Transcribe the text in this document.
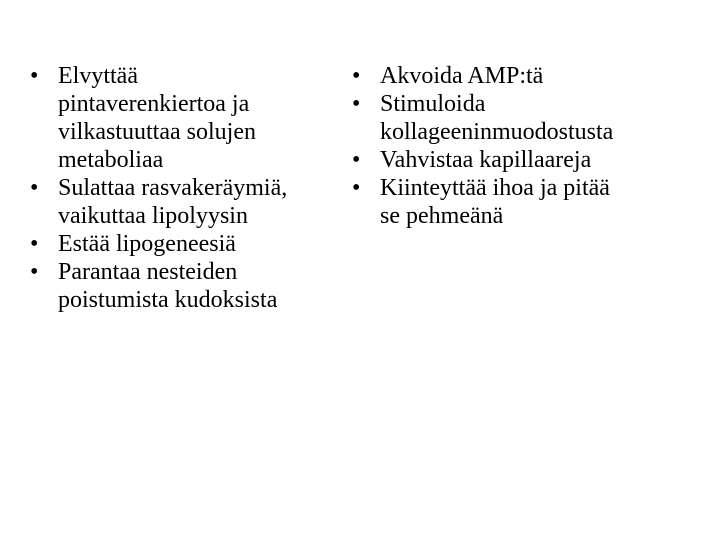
• Elvyttää
pintaverenkiertoa ja
vilkastuuttaa solujen
metaboliaa
• Sulattaa rasvakeräymiä,
vaikuttaa lipolyysin
• Estää lipogeneesiä
• Parantaa nesteiden
poistumista kudoksista
• Akvoida AMP:tä
• Stimuloida
kollageeninmuodostusta
• Vahvistaa kapillaareja
• Kiinteyttää ihoa ja pitää
se pehmeänä
